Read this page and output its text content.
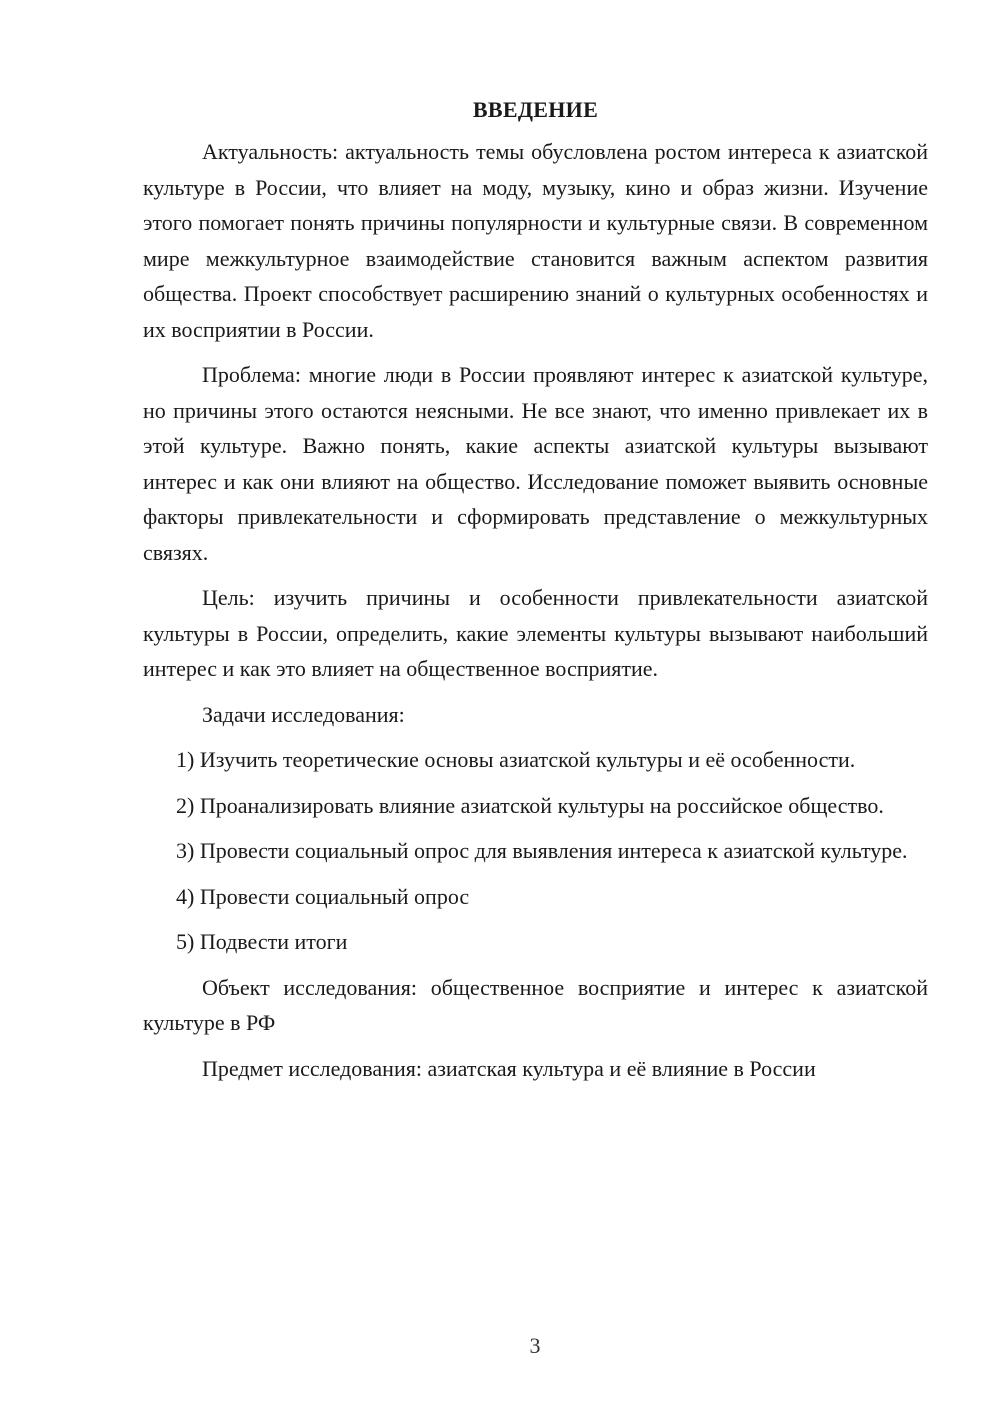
ВВЕДЕНИЕ

Актуальность: актуальность темы обусловлена ростом интереса к азиатской культуре в России, что влияет на моду, музыку, кино и образ жизни. Изучение этого помогает понять причины популярности и культурные связи. В современном мире межкультурное взаимодействие становится важным аспектом развития общества. Проект способствует расширению знаний о культурных особенностях и их восприятии в России.

Проблема: многие люди в России проявляют интерес к азиатской культуре, но причины этого остаются неясными. Не все знают, что именно привлекает их в этой культуре. Важно понять, какие аспекты азиатской культуры вызывают интерес и как они влияют на общество. Исследование поможет выявить основные факторы привлекательности и сформировать представление о межкультурных связях.

Цель: изучить причины и особенности привлекательности азиатской культуры в России, определить, какие элементы культуры вызывают наибольший интерес и как это влияет на общественное восприятие.

Задачи исследования:

1) Изучить теоретические основы азиатской культуры и её особенности.

2) Проанализировать влияние азиатской культуры на российское общество.

3) Провести социальный опрос для выявления интереса к азиатской культуре.

4) Провести социальный опрос

5) Подвести итоги

Объект исследования: общественное восприятие и интерес к азиатской культуре в РФ

Предмет исследования: азиатская культура и её влияние в России

3
